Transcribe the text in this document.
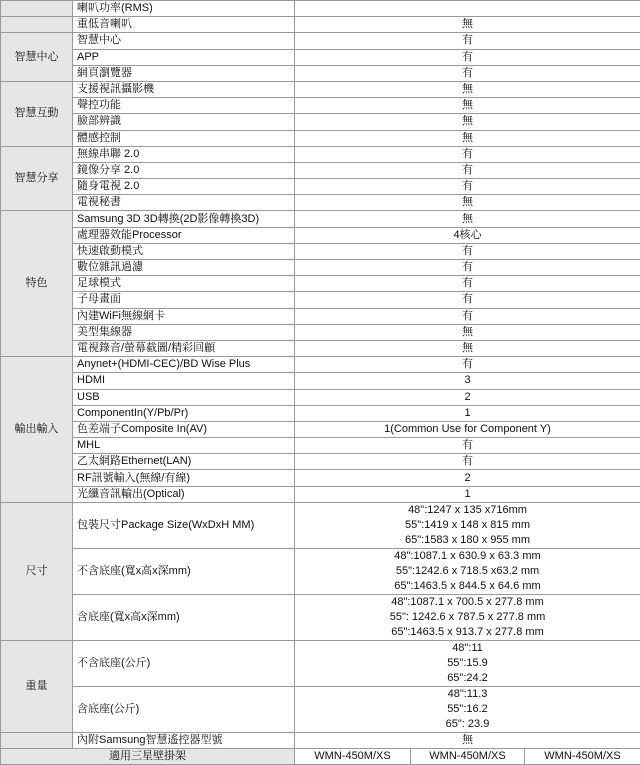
	喇叭功率(RMS)			
	重低音喇叭	無		
智慧中心	智慧中心	有		
	APP	有		
	網頁瀏覽器	有		
智慧互動	支援視訊攝影機	無		
	聲控功能	無		
	臉部辨識	無		
	體感控制	無		
智慧分享	無線串聯 2.0	有		
	鏡像分享 2.0	有		
	隨身電視 2.0	有		
	電視秘書	無		
特色	Samsung 3D 3D轉換(2D影像轉換3D)	無		
	處理器效能Processor	4核心		
	快速啟動模式	有		
	數位雜訊過濾	有		
	足球模式	有		
	子母畫面	有		
	內建WiFi無線網卡	有		
	美型集線器	無		
	電視錄音/螢幕截圖/精彩回顧	無		
輸出輸入	Anynet+(HDMI-CEC)/BD Wise Plus	有		
	HDMI	3		
	USB	2		
	ComponentIn(Y/Pb/Pr)	1		
	色差端子Composite In(AV)	1(Common Use for Component Y)		
	MHL	有		
	乙太網路Ethernet(LAN)	有		
	RF訊號輸入(無線/有線)	2		
	光纖音訊輸出(Optical)	1		
尺寸	包裝尺寸Package Size(WxDxH MM)	48":1247 x 135 x716mm
55":1419 x 148 x 815 mm
65":1583 x 180 x 955 mm		

	不含底座(寬x高x深mm)	48":1087.1 x 630.9 x 63.3 mm
55":1242.6 x 718.5 x63.2 mm
65":1463.5 x 844.5 x 64.6 mm		

	含底座(寬x高x深mm)	48":1087.1 x 700.5 x 277.8 mm
55": 1242.6 x 787.5 x 277.8 mm
65":1463.5 x 913.7 x 277.8 mm		

重量	不含底座(公斤)	48":11
55":15.9
65":24.2		

	含底座(公斤)	48":11.3
55":16.2
65": 23.9		

	內附Samsung智慧遙控器型號	無		
適用三星壁掛架		WMN-450M/XS	WMN-450M/XS	WMN-450M/XS
